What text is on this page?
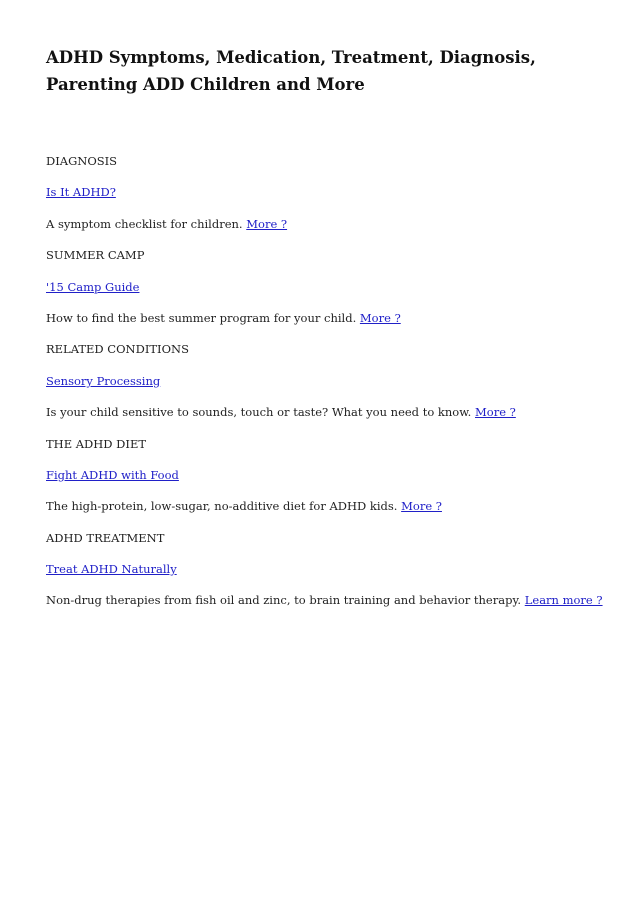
ADHD Symptoms, Medication, Treatment, Diagnosis, Parenting ADD Children and More

DIAGNOSIS

Is It ADHD?

A symptom checklist for children. More ?

SUMMER CAMP

'15 Camp Guide

How to find the best summer program for your child. More ?

RELATED CONDITIONS

Sensory Processing

Is your child sensitive to sounds, touch or taste? What you need to know. More ?

THE ADHD DIET

Fight ADHD with Food

The high-protein, low-sugar, no-additive diet for ADHD kids. More ?

ADHD TREATMENT

Treat ADHD Naturally

Non-drug therapies from fish oil and zinc, to brain training and behavior therapy. Learn more ?
